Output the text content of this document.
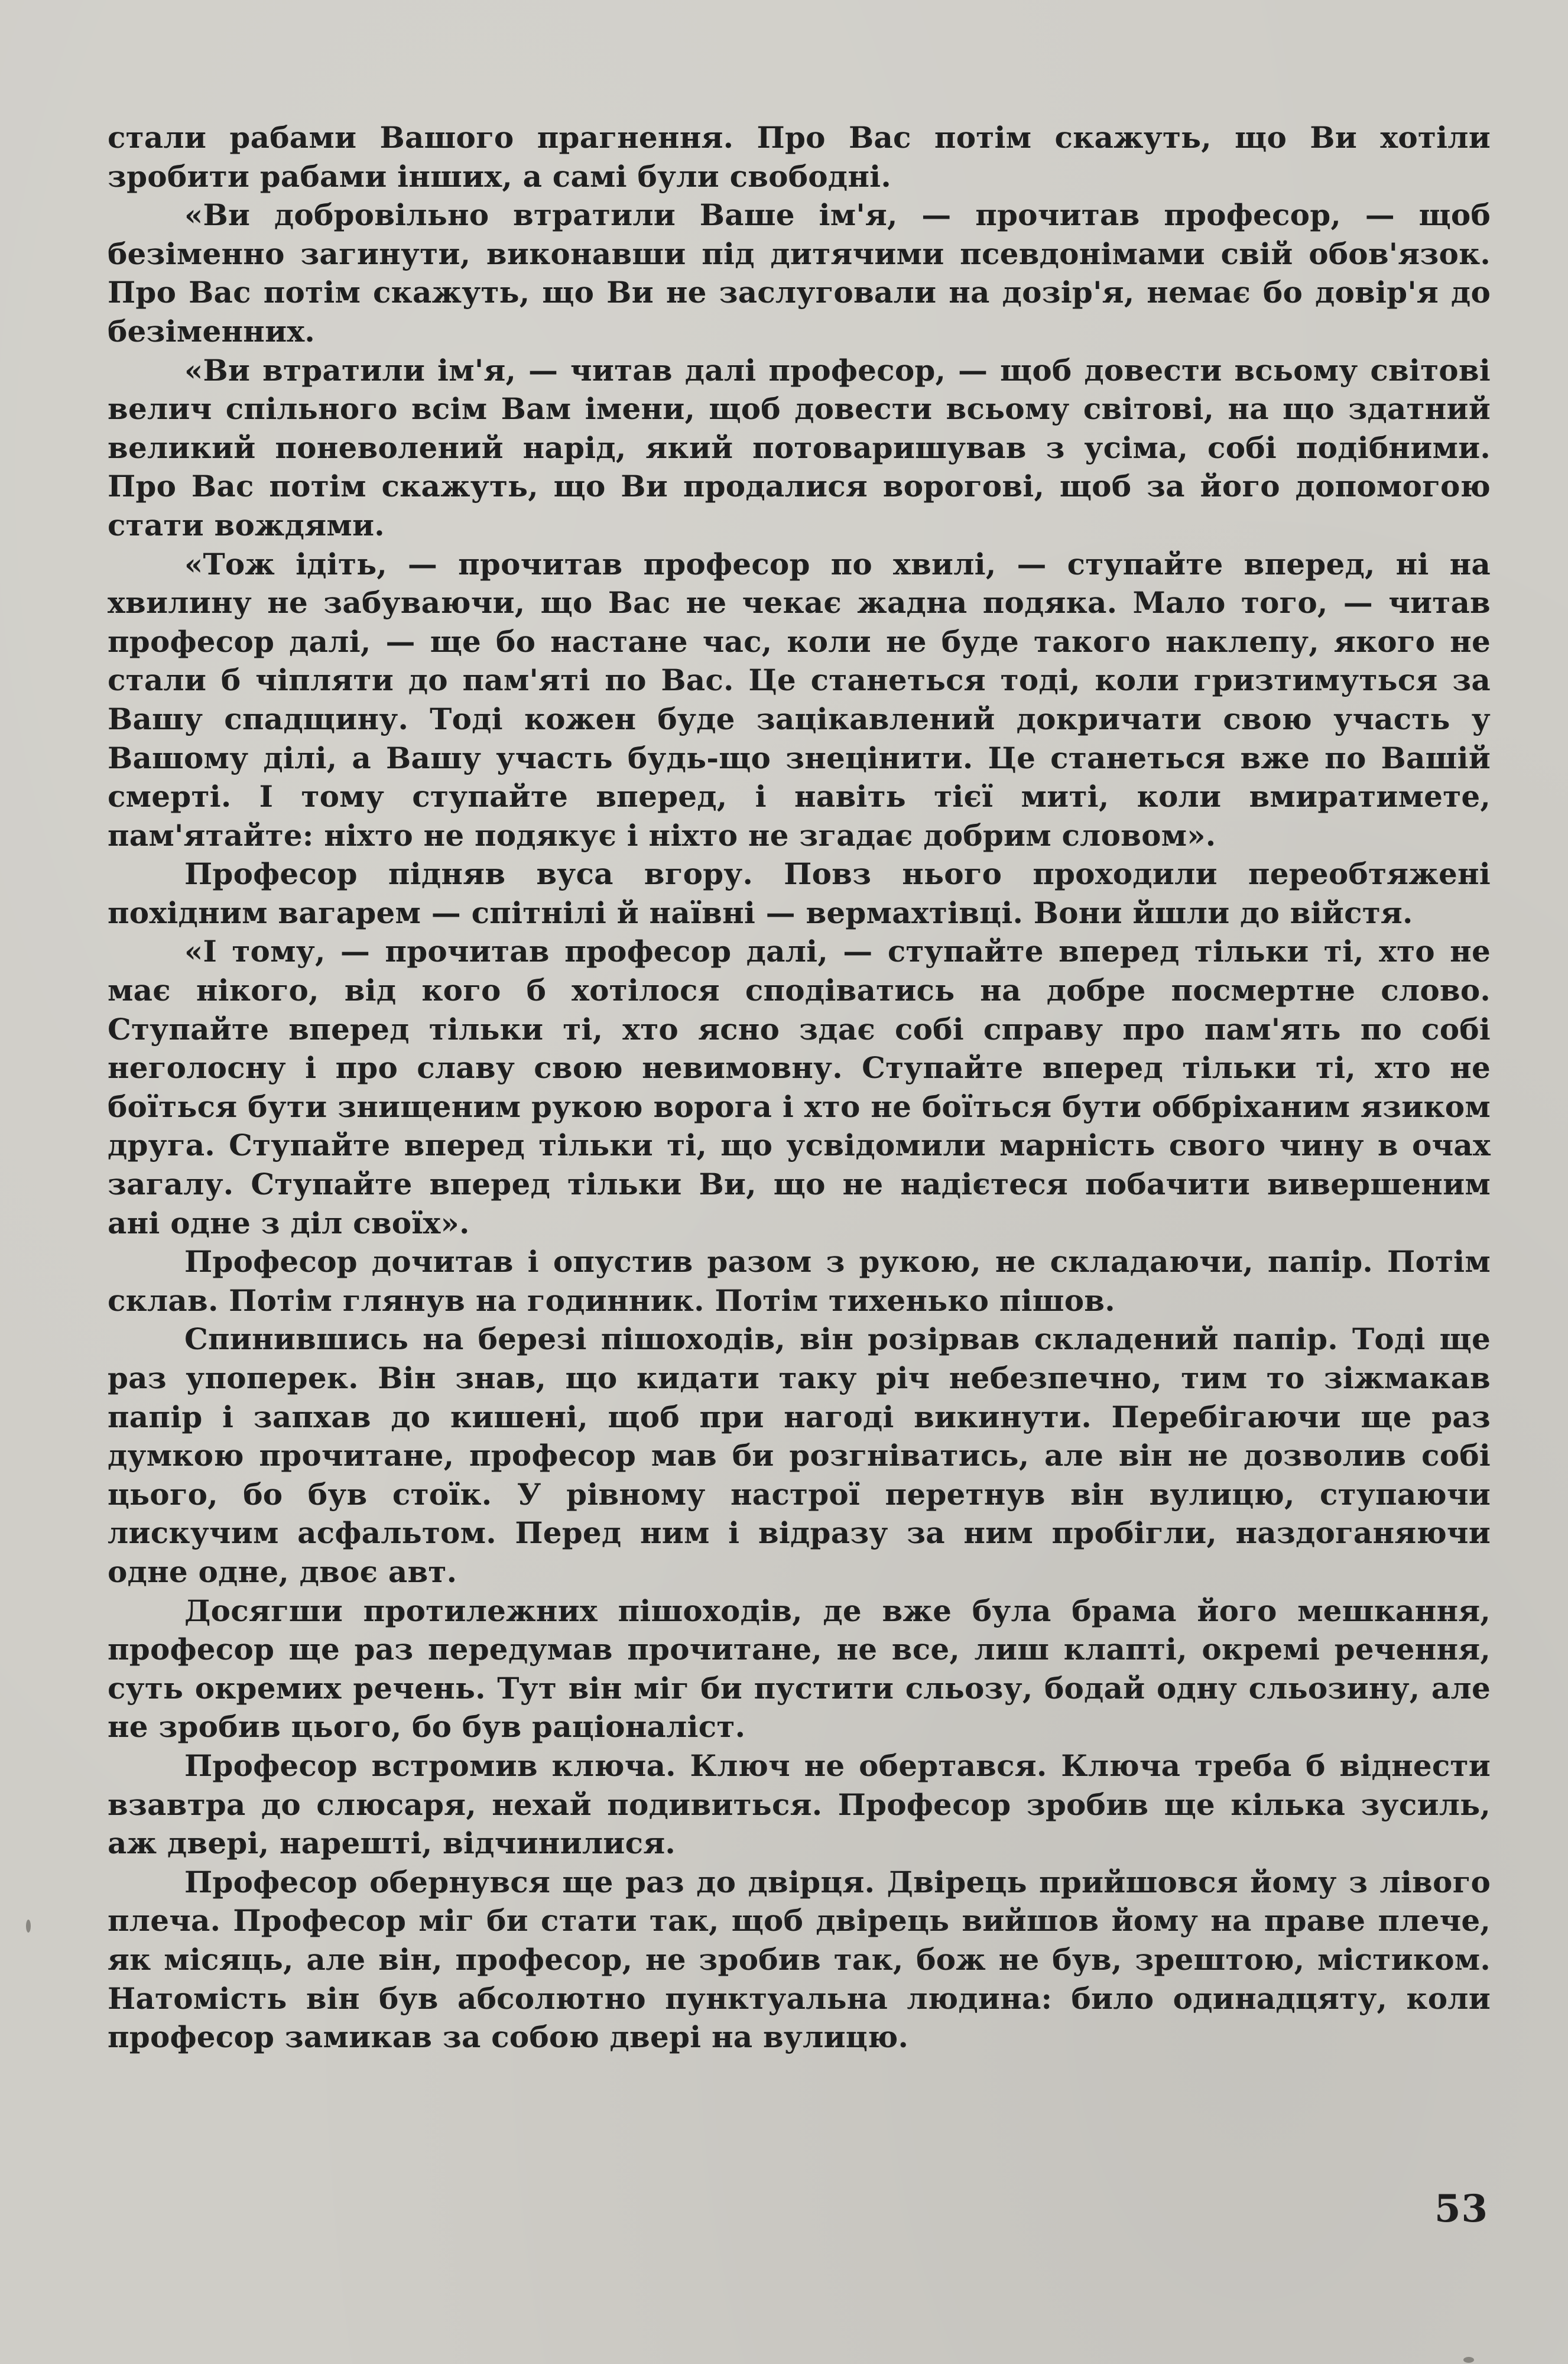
стали рабами Вашого прагнення. Про Вас потім скажуть, що Ви хотіли зробити рабами інших, а самі були свободні.

«Ви добровільно втратили Ваше ім'я, — прочитав професор, — щоб безіменно загинути, виконавши під дитячими псевдонімами свій обов'язок. Про Вас потім скажуть, що Ви не заслуговали на дозір'я, немає бо довір'я до безіменних.

«Ви втратили ім'я, — читав далі професор, — щоб довести всьому світові велич спільного всім Вам імени, щоб довести всьому світові, на що здатний великий поневолений нарід, який потоваришував з усіма, собі подібними. Про Вас потім скажуть, що Ви продалися ворогові, щоб за його допомогою стати вождями.

«Тож ідіть, — прочитав професор по хвилі, — ступайте вперед, ні на хвилину не забуваючи, що Вас не чекає жадна подяка. Мало того, — читав професор далі, — ще бо настане час, коли не буде такого наклепу, якого не стали б чіпляти до пам'яті по Вас. Це станеться тоді, коли гризтимуться за Вашу спадщину. Тоді кожен буде зацікавлений докричати свою участь у Вашому ділі, а Вашу участь будь-що знецінити. Це станеться вже по Вашій смерті. І тому ступайте вперед, і навіть тієї миті, коли вмиратимете, пам'ятайте: ніхто не подякує і ніхто не згадає добрим словом».

Професор підняв вуса вгору. Повз нього проходили переобтяжені похідним вагарем — спітнілі й наївні — вермахтівці. Вони йшли до війстя.

«І тому, — прочитав професор далі, — ступайте вперед тільки ті, хто не має нікого, від кого б хотілося сподіватись на добре посмертне слово. Ступайте вперед тільки ті, хто ясно здає собі справу про пам'ять по собі неголосну і про славу свою невимовну. Ступайте вперед тільки ті, хто не боїться бути знищеним рукою ворога і хто не боїться бути оббріханим язиком друга. Ступайте вперед тільки ті, що усвідомили марність свого чину в очах загалу. Ступайте вперед тільки Ви, що не надієтеся побачити вивершеним ані одне з діл своїх».

Професор дочитав і опустив разом з рукою, не складаючи, папір. Потім склав. Потім глянув на годинник. Потім тихенько пішов.

Спинившись на березі пішоходів, він розірвав складений папір. Тоді ще раз упоперек. Він знав, що кидати таку річ небезпечно, тим то зіжмакав папір і запхав до кишені, щоб при нагоді викинути. Перебігаючи ще раз думкою прочитане, професор мав би розгніватись, але він не дозволив собі цього, бо був стоїк. У рівному настрої перетнув він вулицю, ступаючи лискучим асфальтом. Перед ним і відразу за ним пробігли, наздоганяючи одне одне, двоє авт.

Досягши протилежних пішоходів, де вже була брама його мешкання, професор ще раз передумав прочитане, не все, лиш клапті, окремі речення, суть окремих речень. Тут він міг би пустити сльозу, бодай одну сльозину, але не зробив цього, бо був раціоналіст.

Професор встромив ключа. Ключ не обертався. Ключа треба б віднести взавтра до слюсаря, нехай подивиться. Професор зробив ще кілька зусиль, аж двері, нарешті, відчинилися.

Професор обернувся ще раз до двірця. Двірець прийшовся йому з лівого плеча. Професор міг би стати так, щоб двірець вийшов йому на праве плече, як місяць, але він, професор, не зробив так, бож не був, зрештою, містиком. Натомість він був абсолютно пунктуальна людина: било одинадцяту, коли професор замикав за собою двері на вулицю.

53
